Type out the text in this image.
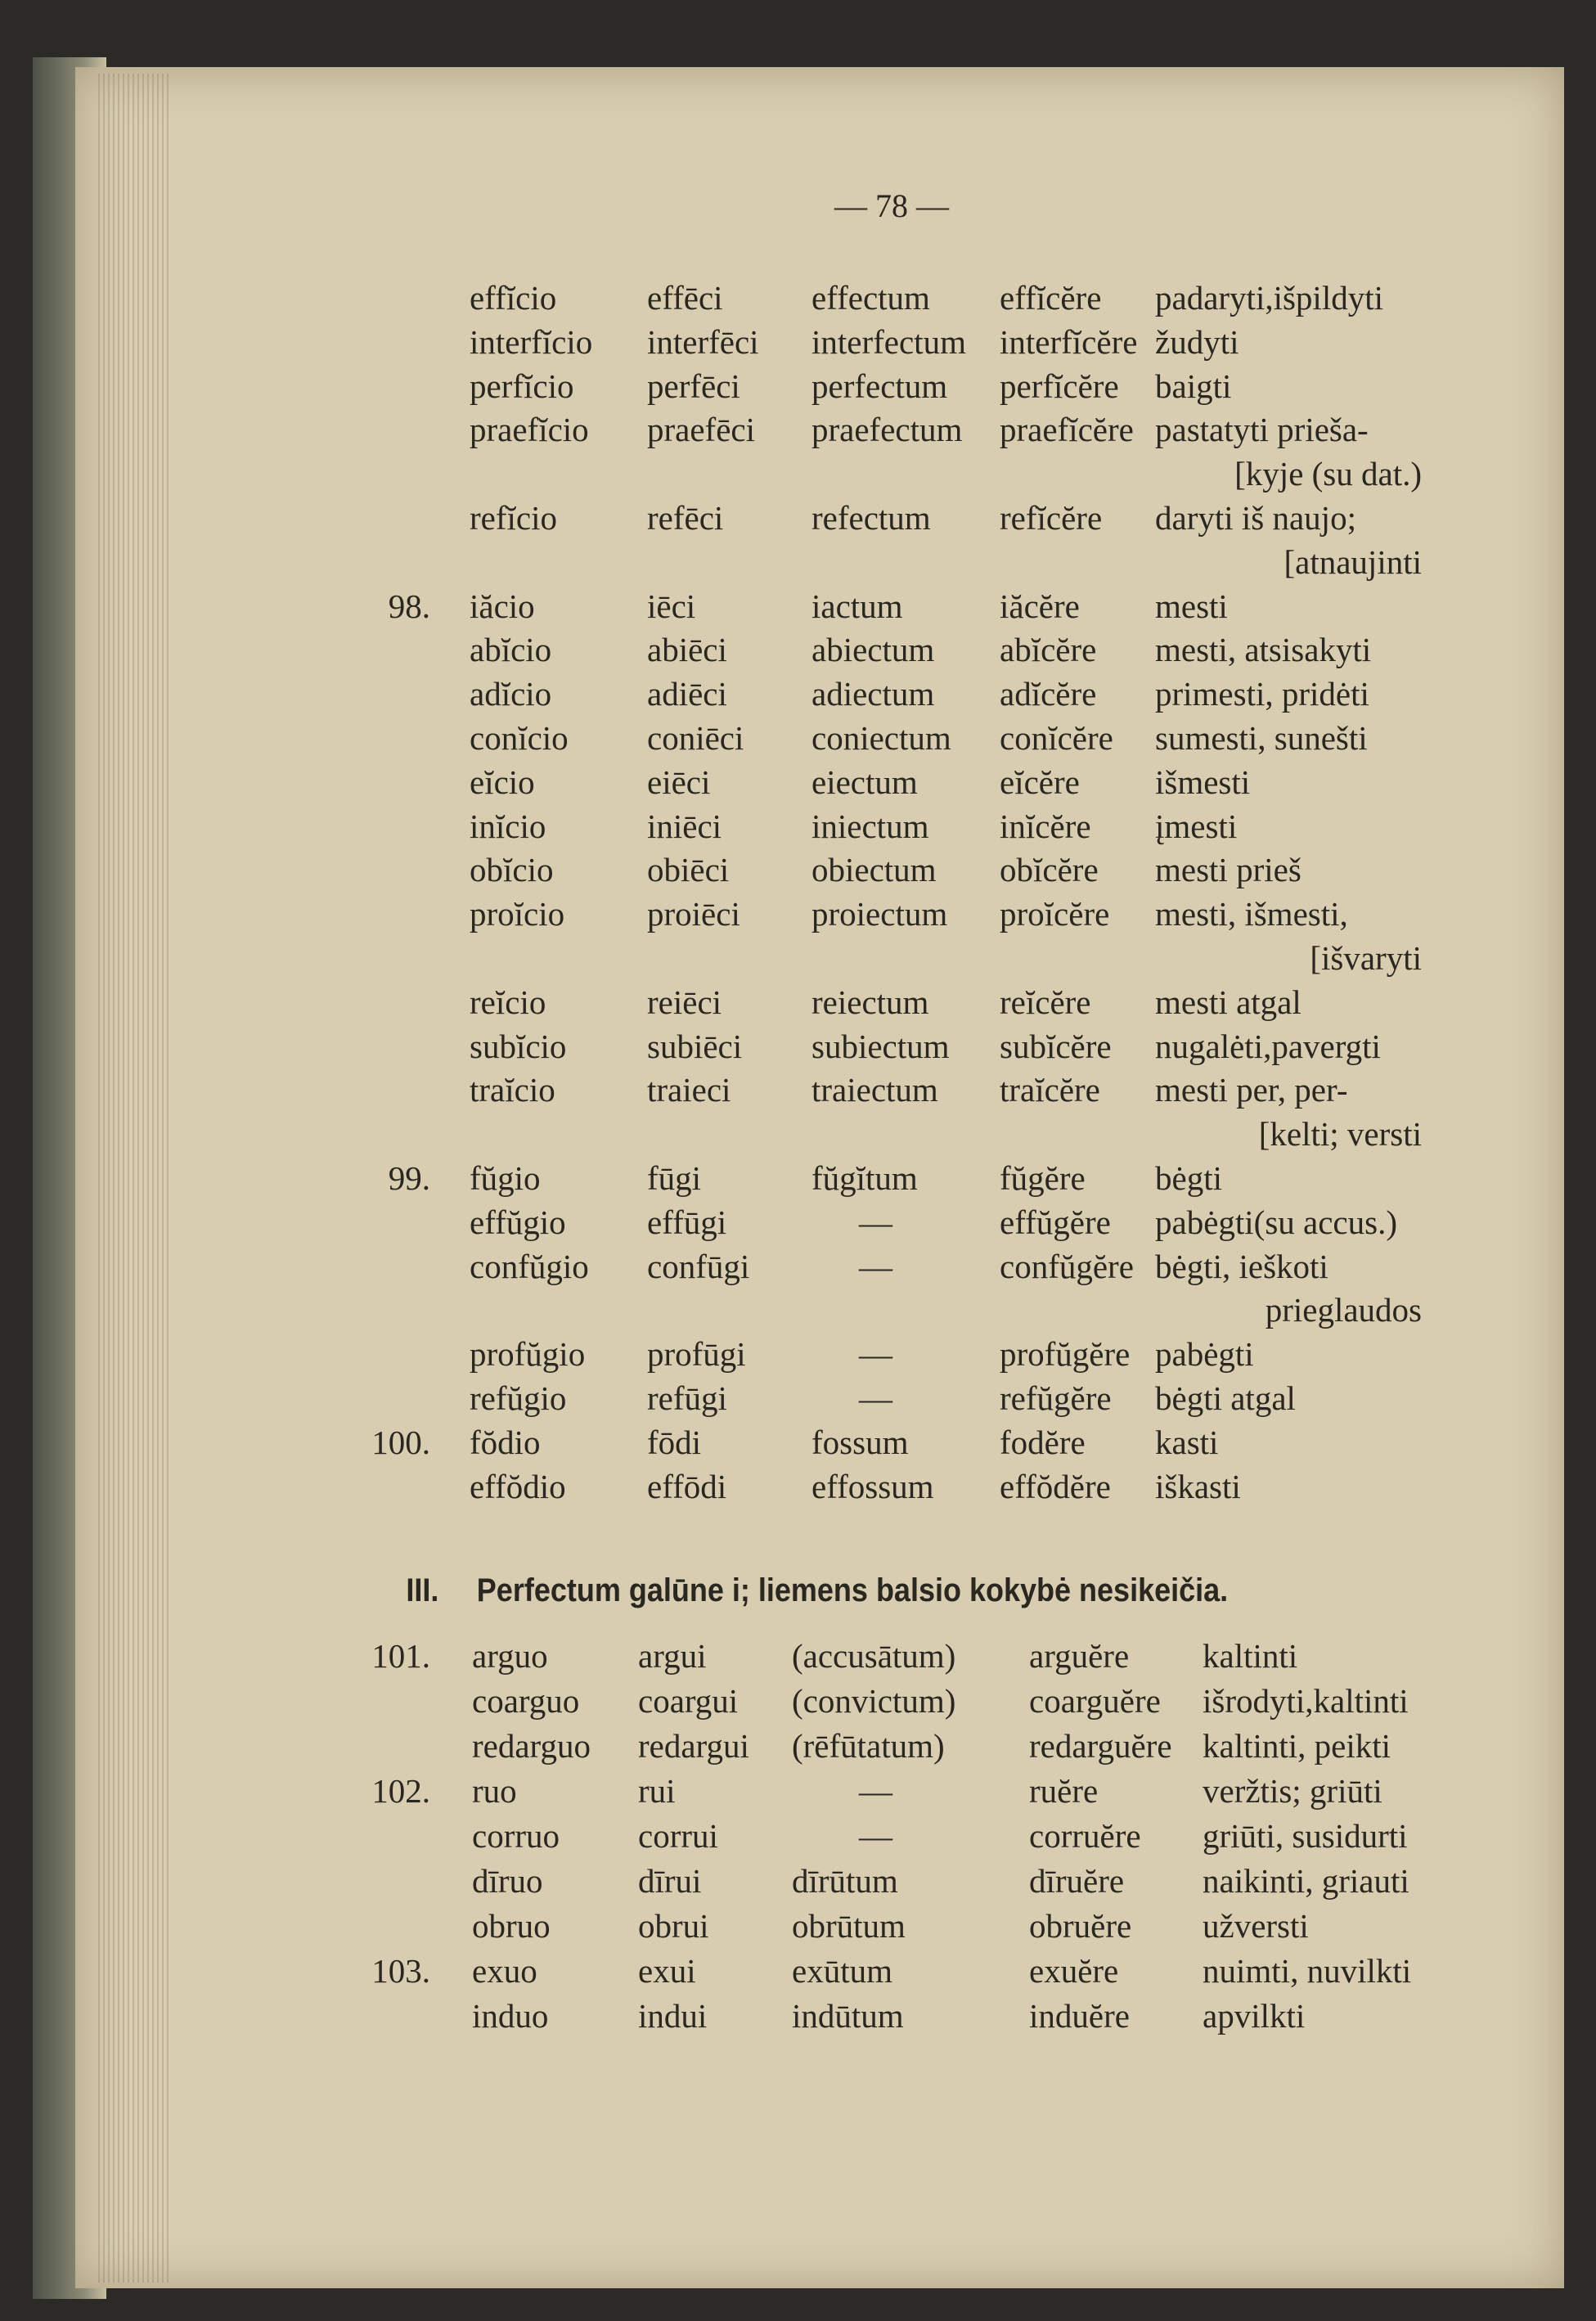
— 78 —
effĭcio	effēci	effectum effĭcĕre padaryti,išpildyti
interfĭcio interfēci interfectum interfĭcĕre žudyti
perfĭcio perfēci perfectum perfĭcĕre baigti
praefĭcio praefēci praefectum praefĭcĕre pastatyti prieša-
[kyje (su dat.)
refĭcio	refēci	refectum refĭcĕre daryti iš naujo;
[atnaujinti
98. iăcio	iēci	iactum	iăcĕre mesti
abĭcio	abiēci	abiectum abĭcĕre mesti, atsisakyti
adĭcio	adiēci	adiectum adĭcĕre primesti, pridėti
conĭcio coniēci coniectum conĭcĕre sumesti, sunešti
eĭcio	eiēci	eiectum eĭcĕre išmesti
inĭcio	iniēci	iniectum inĭcĕre įmesti
obĭcio	obiēci obiectum obĭcĕre mesti prieš
proĭcio proiēci proiectum proĭcĕre mesti, išmesti,
[išvaryti
reĭcio	reiēci	reiectum reĭcĕre mesti atgal
subĭcio subiēci subiectum subĭcĕre nugalėti,pavergti
traĭcio	traieci traiectum traĭcĕre mesti per, per-
[kelti; versti
99. fŭgio	fūgi	fŭgĭtum fŭgĕre bėgti
effŭgio effūgi	—	effŭgĕre pabėgti(su accus.)
confŭgio confūgi	—	confŭgĕre bėgti, ieškoti
prieglaudos
profŭgio profūgi	—	profŭgĕre pabėgti
refŭgio refūgi	—	refŭgĕre bėgti atgal
100. fŏdio	fōdi	fossum	fodĕre kasti
effŏdio effōdi	effossum effŏdĕre iškasti
101. arguo	argui	(accusātum) arguĕre kaltinti
coarguo coargui (convictum) coarguĕre išrodyti,kaltinti
redarguo redargui (rēfūtatum)	redarguĕre kaltinti, peikti
102. ruo	rui	—	ruĕre	veržtis; griūti
corruo corrui	—	corruĕre griūti, susidurti
dīruo	dīrui	dīrūtum	dīruĕre naikinti, griauti
obruo	obrui obrūtum	obruĕre užversti
103. exuo	exui	exūtum	exuĕre	nuimti, nuvilkti
induo	indui	indūtum	induĕre apvilkti
III. Perfectum galūne i; liemens balsio kokybė nesikeičia.
